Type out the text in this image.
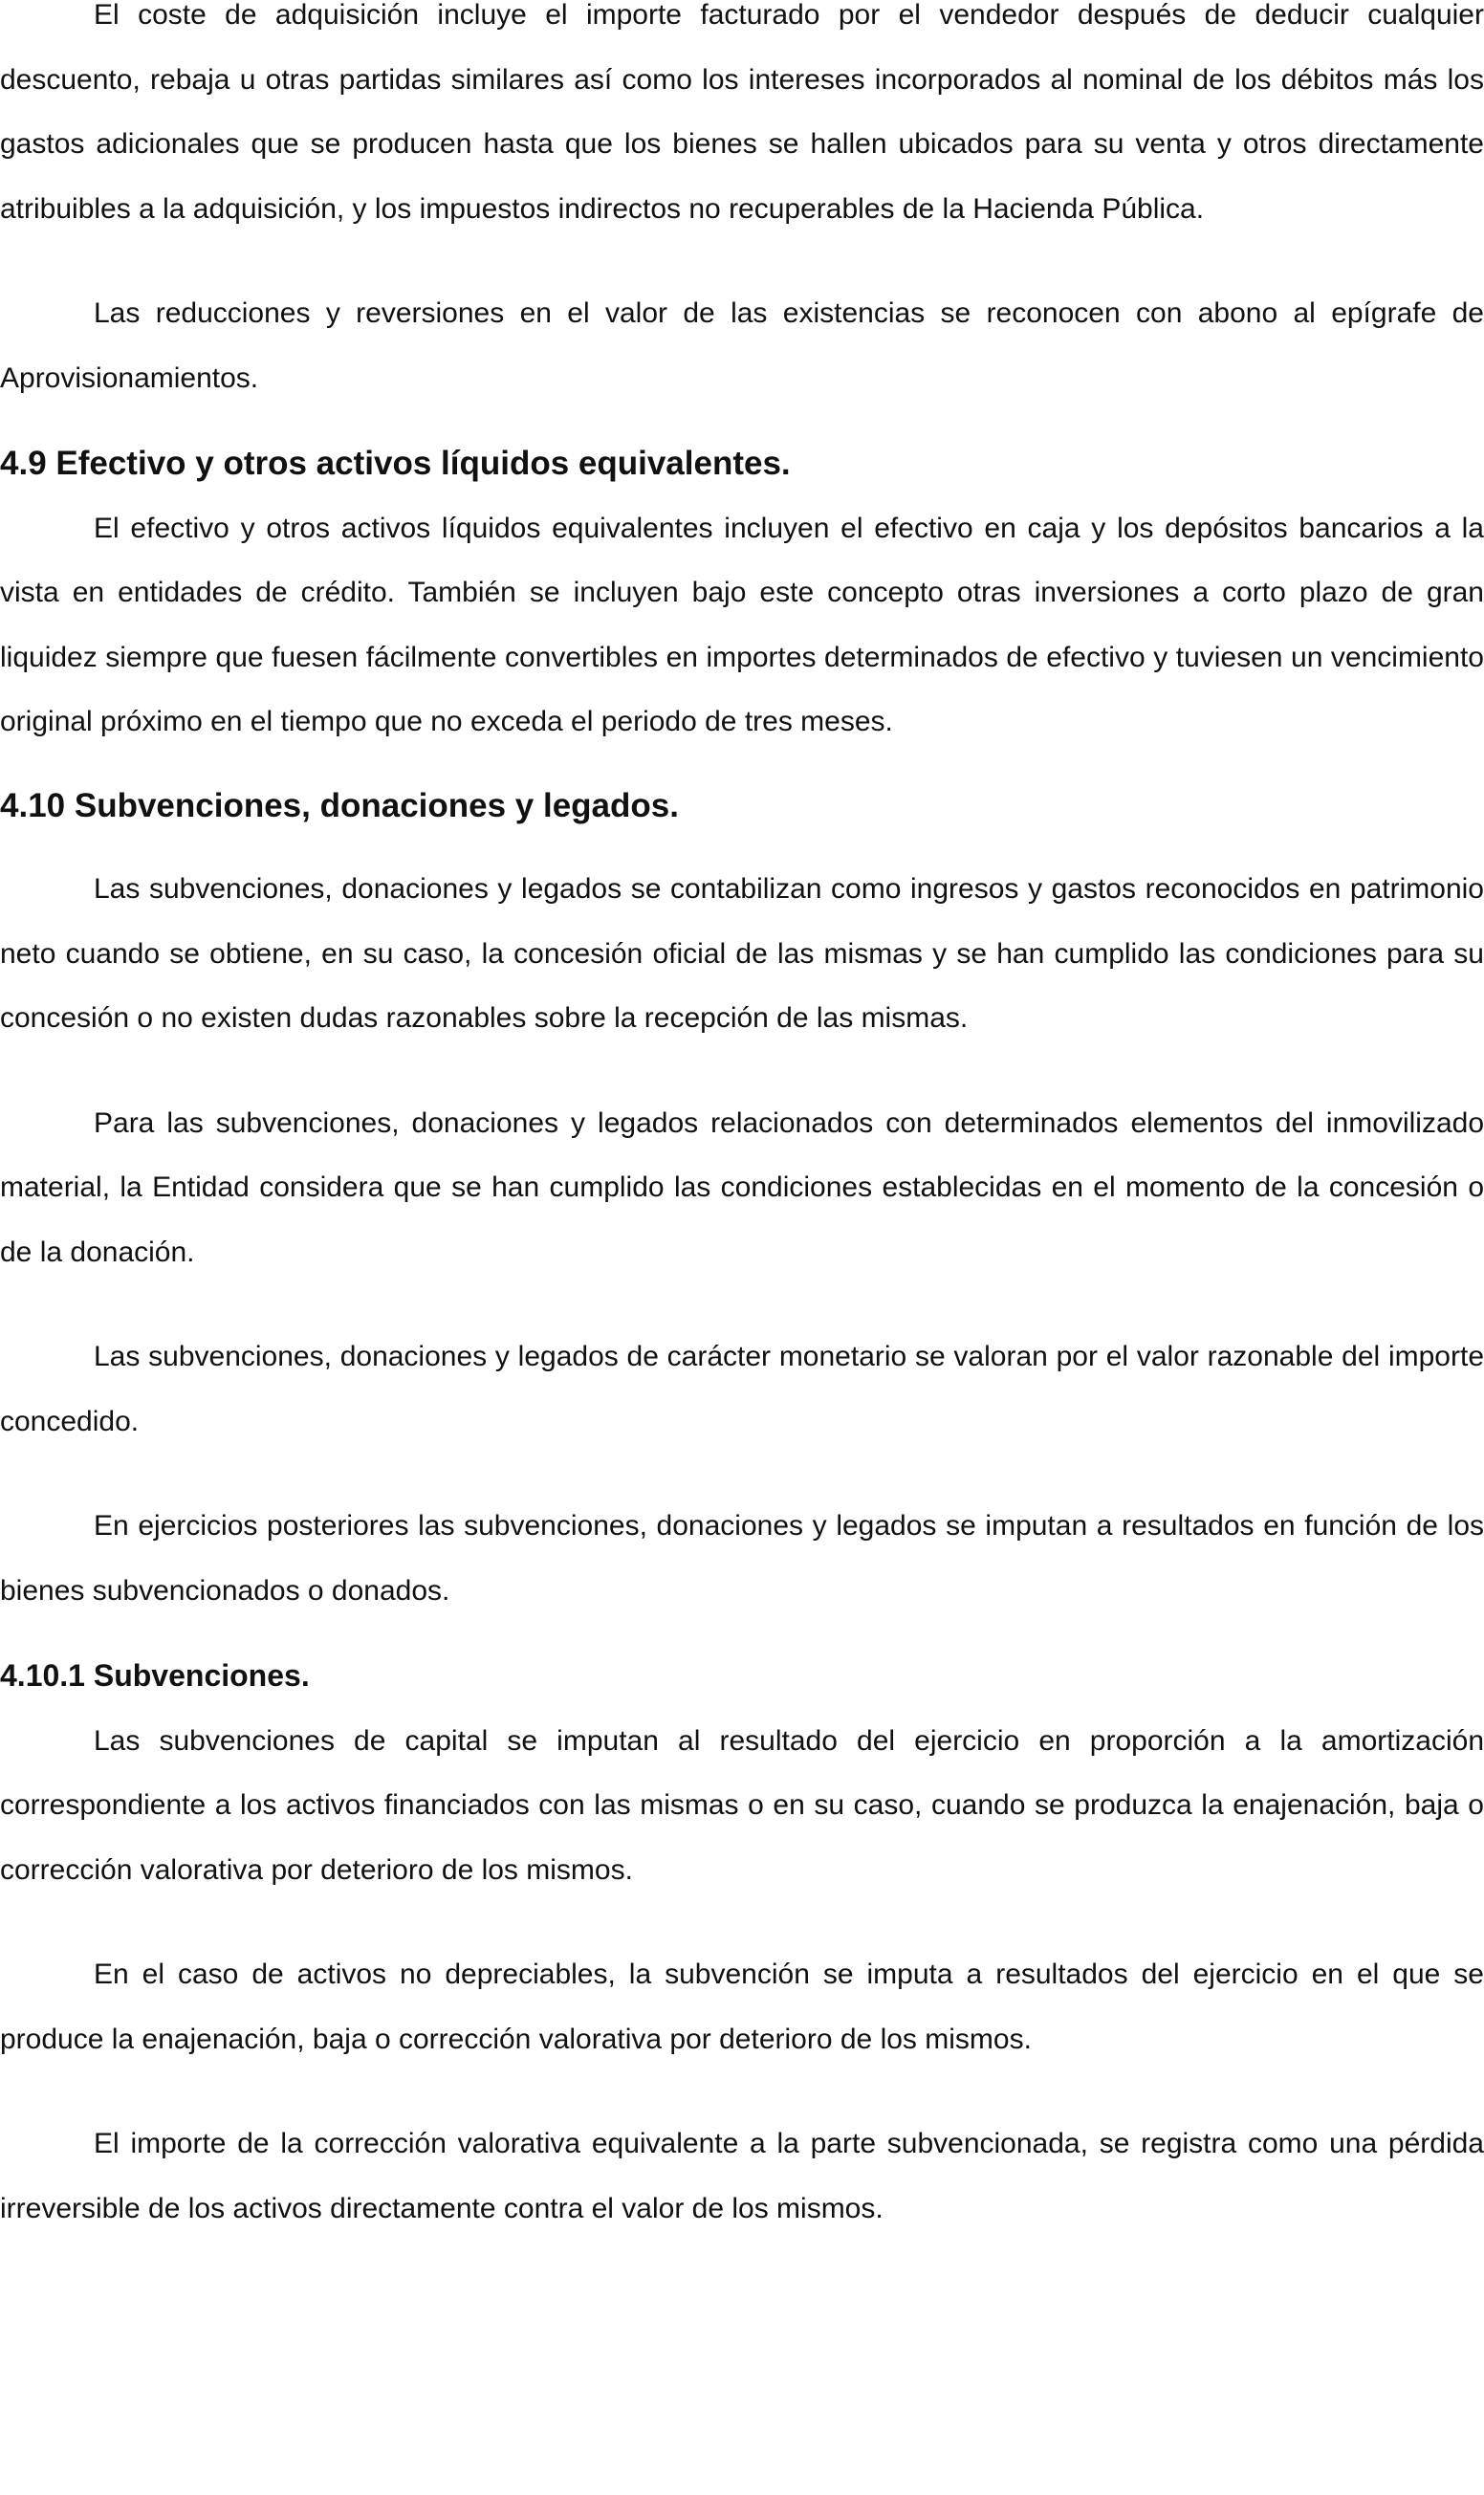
El coste de adquisición incluye el importe facturado por el vendedor después de deducir cualquier descuento, rebaja u otras partidas similares así como los intereses incorporados al nominal de los débitos más los gastos adicionales que se producen hasta que los bienes se hallen ubicados para su venta y otros directamente atribuibles a la adquisición, y los impuestos indirectos no recuperables de la Hacienda Pública.

Las reducciones y reversiones en el valor de las existencias se reconocen con abono al epígrafe de Aprovisionamientos.

4.9 Efectivo y otros activos líquidos equivalentes.

El efectivo y otros activos líquidos equivalentes incluyen el efectivo en caja y los depósitos bancarios a la vista en entidades de crédito. También se incluyen bajo este concepto otras inversiones a corto plazo de gran liquidez siempre que fuesen fácilmente convertibles en importes determinados de efectivo y tuviesen un vencimiento original próximo en el tiempo que no exceda el periodo de tres meses.

4.10 Subvenciones, donaciones y legados.

Las subvenciones, donaciones y legados se contabilizan como ingresos y gastos reconocidos en patrimonio neto cuando se obtiene, en su caso, la concesión oficial de las mismas y se han cumplido las condiciones para su concesión o no existen dudas razonables sobre la recepción de las mismas.

Para las subvenciones, donaciones y legados relacionados con determinados elementos del inmovilizado material, la Entidad considera que se han cumplido las condiciones establecidas en el momento de la concesión o de la donación.

Las subvenciones, donaciones y legados de carácter monetario se valoran por el valor razonable del importe concedido.

En ejercicios posteriores las subvenciones, donaciones y legados se imputan a resultados en función de los bienes subvencionados o donados.

4.10.1 Subvenciones.

Las subvenciones de capital se imputan al resultado del ejercicio en proporción a la amortización correspondiente a los activos financiados con las mismas o en su caso, cuando se produzca la enajenación, baja o corrección valorativa por deterioro de los mismos.

En el caso de activos no depreciables, la subvención se imputa a resultados del ejercicio en el que se produce la enajenación, baja o corrección valorativa por deterioro de los mismos.

El importe de la corrección valorativa equivalente a la parte subvencionada, se registra como una pérdida irreversible de los activos directamente contra el valor de los mismos.
